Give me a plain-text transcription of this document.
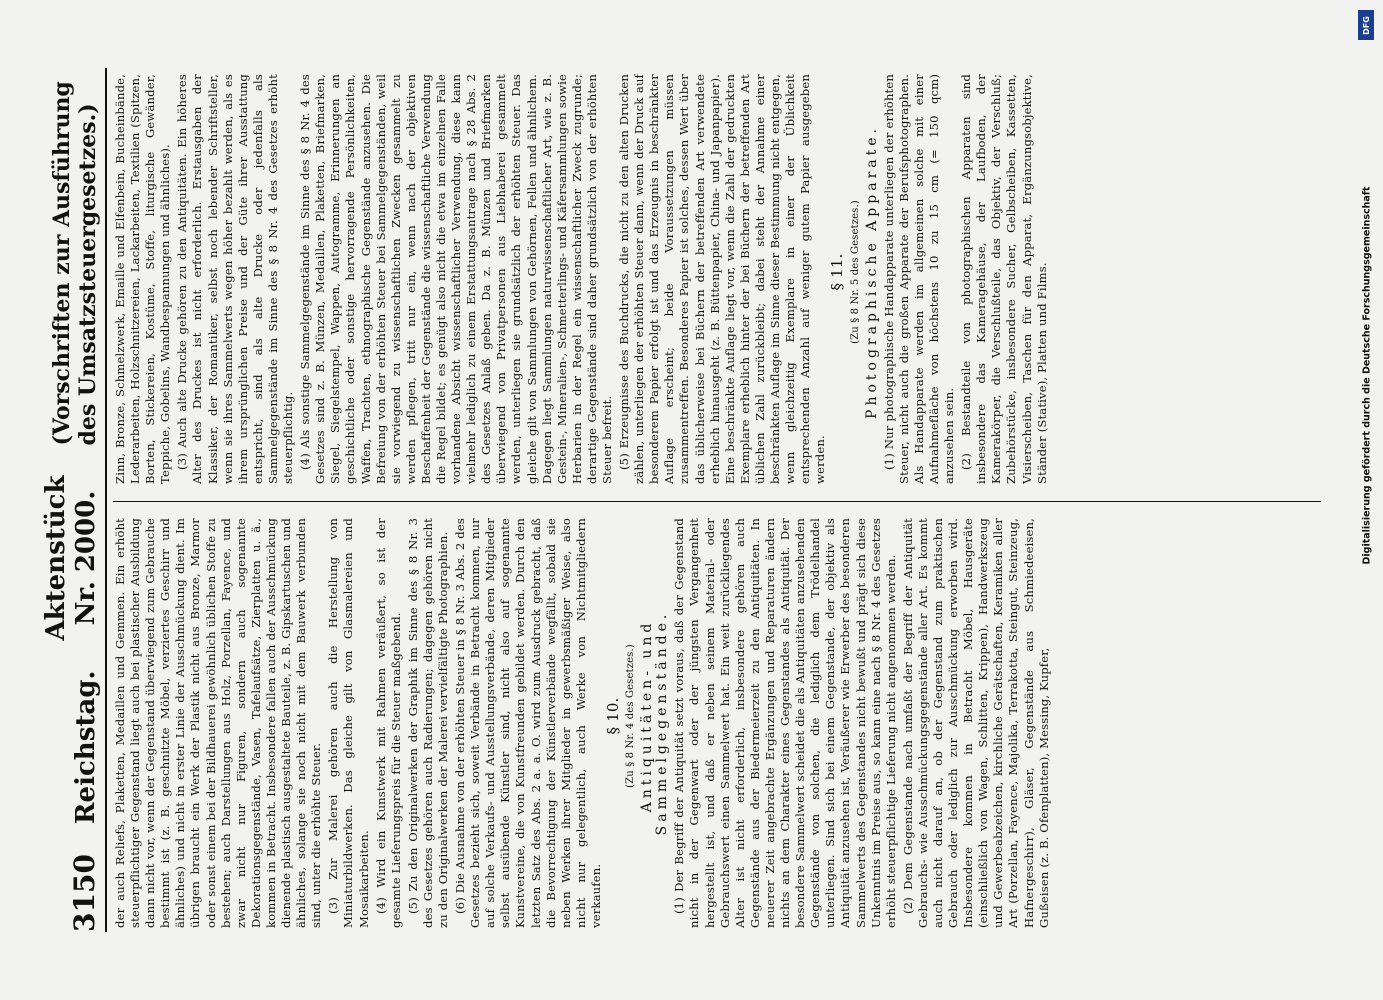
3150
Reichstag.
Aktenstück Nr. 2000.
(Vorschriften zur Ausführung des Umsatzsteuergesetzes.)

der auch Reliefs, Plaketten, Medaillen und Gemmen. Ein erhöht steuerpflichtiger Gegenstand liegt auch bei plastischer Ausbildung dann nicht vor, wenn der Gegenstand überwiegend zum Gebrauche bestimmt ist (z. B. geschnitzte Möbel, verziertes Geschirr und ähnliches) und nicht in erster Linie der Ausschmückung dient. Im übrigen braucht ein Werk der Plastik nicht aus Bronze, Marmor oder sonst einem bei der Bildhauerei gewöhnlich üblichen Stoffe zu bestehen; auch Darstellungen aus Holz, Porzellan, Fayence, und zwar nicht nur Figuren, sondern auch sogenannte Dekorationsgegenstände, Vasen, Tafelaufsätze, Zierplatten u. ä., kommen in Betracht. Insbesondere fallen auch der Ausschmückung dienende plastisch ausgestaltete Bauteile, z. B. Gipskartuschen und ähnliches, solange sie noch nicht mit dem Bauwerk verbunden sind, unter die erhöhte Steuer. (3) Zur Malerei gehören auch die Herstellung von Miniaturbildwerken. Das gleiche gilt von Glasmalereien und Mosaikarbeiten. (4) Wird ein Kunstwerk mit Rahmen veräußert, so ist der gesamte Lieferungspreis für die Steuer maßgebend. (5) Zu den Originalwerken der Graphik im Sinne des § 8 Nr. 3 des Gesetzes gehören auch Radierungen; dagegen gehören nicht zu den Originalwerken der Malerei vervielfältigte Photographien. (6) Die Ausnahme von der erhöhten Steuer in § 8 Nr. 3 Abs. 2 des Gesetzes bezieht sich, soweit Verbände in Betracht kommen, nur auf solche Verkaufs- und Ausstellungsverbände, deren Mitglieder selbst ausübende Künstler sind, nicht also auf sogenannte Kunstvereine, die von Kunstfreunden gebildet werden. Durch den letzten Satz des Abs. 2 a. a. O. wird zum Ausdruck gebracht, daß die Bevorrechtigung der Künstlerverbände wegfällt, sobald sie neben Werken ihrer Mitglieder in gewerbsmäßiger Weise, also nicht nur gelegentlich, auch Werke von Nichtmitgliedern verkaufen.

§ 10. (Zu § 8 Nr. 4 des Gesetzes.) Antiquitäten- und Sammelgegenstände. (1) Der Begriff der Antiquität setzt voraus, daß der Gegenstand nicht in der Gegenwart oder der jüngsten Vergangenheit hergestellt ist, und daß er neben seinem Material- oder Gebrauchswert einen Sammelwert hat. Ein weit zurückliegendes Alter ist nicht erforderlich, insbesondere gehören auch Gegenstände aus der Biedermeierzeit zu den Antiquitäten. In neuerer Zeit angebrachte Ergänzungen und Reparaturen ändern nichts an dem Charakter eines Gegenstandes als Antiquität. Der besondere Sammelwert scheidet die als Antiquitäten anzusehenden Gegenstände von solchen, die lediglich dem Trödelhandel unterliegen. Sind sich bei einem Gegenstande, der objektiv als Antiquität anzusehen ist, Veräußerer wie Erwerber des besonderen Sammelwerts des Gegenstandes nicht bewußt und prägt sich diese Unkenntnis im Preise aus, so kann eine nach § 8 Nr. 4 des Gesetzes erhöht steuerpflichtige Lieferung nicht angenommen werden. (2) Dem Gegenstande nach umfaßt der Begriff der Antiquität Gebrauchs- wie Ausschmückungsgegenstände aller Art. Es kommt auch nicht darauf an, ob der Gegenstand zum praktischen Gebrauch oder lediglich zur Ausschmückung erworben wird. Insbesondere kommen in Betracht Möbel, Hausgeräte (einschließlich von Wagen, Schlitten, Krippen), Handwerkszeug und Gewerbeabzeichen, kirchliche Gerätschaften, Keramiken aller Art (Porzellan, Fayence, Majolika, Terrakotta, Steingut, Steinzeug, Hafnergeschirr), Gläser, Gegenstände aus Schmiedeeisen, Gußeisen (z. B. Ofenplatten), Messing, Kupfer,

Zinn, Bronze, Schmelzwerk, Emaille und Elfenbein, Bucheinbände, Lederarbeiten, Holzschnitzereien, Lackarbeiten, Textilien (Spitzen, Borten, Stickereien, Kostüme, Stoffe, liturgische Gewänder, Teppiche, Gobelins, Wandbespannungen und ähnliches). (3) Auch alte Drucke gehören zu den Antiquitäten. Ein höheres Alter des Druckes ist nicht erforderlich. Erstausgaben der Klassiker, der Romantiker, selbst noch lebender Schriftsteller, wenn sie ihres Sammelwerts wegen höher bezahlt werden, als es ihrem ursprünglichen Preise und der Güte ihrer Ausstattung entspricht, sind als alte Drucke oder jedenfalls als Sammelgegenstände im Sinne des § 8 Nr. 4 des Gesetzes erhöht steuerpflichtig. (4) Als sonstige Sammelgegenstände im Sinne des § 8 Nr. 4 des Gesetzes sind z. B. Münzen, Medaillen, Plaketten, Briefmarken, Siegel, Siegelstempel, Wappen, Autogramme, Erinnerungen an geschichtliche oder sonstige hervorragende Persönlichkeiten, Waffen, Trachten, ethnographische Gegenstände anzusehen. Die Befreiung von der erhöhten Steuer bei Sammelgegenständen, weil sie vorwiegend zu wissenschaftlichen Zwecken gesammelt zu werden pflegen, tritt nur ein, wenn nach der objektiven Beschaffenheit der Gegenstände die wissenschaftliche Verwendung die Regel bildet; es genügt also nicht die etwa im einzelnen Falle vorhandene Absicht wissenschaftlicher Verwendung, diese kann vielmehr lediglich zu einem Erstattungsantrage nach § 28 Abs. 2 des Gesetzes Anlaß geben. Da z. B. Münzen und Briefmarken überwiegend von Privatpersonen aus Liebhaberei gesammelt werden, unterliegen sie grundsätzlich der erhöhten Steuer. Das gleiche gilt von Sammlungen von Gehörnen, Fellen und ähnlichem. Dagegen liegt Sammlungen naturwissenschaftlicher Art, wie z. B. Gestein-, Mineralien-, Schmetterlings- und Käfersammlungen sowie Herbarien in der Regel ein wissenschaftlicher Zweck zugrunde; derartige Gegenstände sind daher grundsätzlich von der erhöhten Steuer befreit. (5) Erzeugnisse des Buchdrucks, die nicht zu den alten Drucken zählen, unterliegen der erhöhten Steuer dann, wenn der Druck auf besonderem Papier erfolgt ist und das Erzeugnis in beschränkter Auflage erscheint; beide Voraussetzungen müssen zusammentreffen. Besonderes Papier ist solches, dessen Wert über das üblicherweise bei Büchern der betreffenden Art verwendete erheblich hinausgeht (z. B. Büttenpapier, China- und Japanpapier). Eine beschränkte Auflage liegt vor, wenn die Zahl der gedruckten Exemplare erheblich hinter der bei Büchern der betreffenden Art üblichen Zahl zurückbleibt; dabei steht der Annahme einer beschränkten Auflage im Sinne dieser Bestimmung nicht entgegen, wenn gleichzeitig Exemplare in einer der Üblichkeit entsprechenden Anzahl auf weniger gutem Papier ausgegeben werden.

§ 11. (Zu § 8 Nr. 5 des Gesetzes.) Photographische Apparate. (1) Nur photographische Handapparate unterliegen der erhöhten Steuer, nicht auch die großen Apparate der Berufsphotographen. Als Handapparate werden im allgemeinen solche mit einer Aufnahmefläche von höchstens 10 zu 15 cm (= 150 qcm) anzusehen sein. (2) Bestandteile von photographischen Apparaten sind insbesondere das Kameragehäuse, der Laufboden, der Kamerakörper, die Verschlußteile, das Objektiv, der Verschluß; Zubehörstücke, insbesondere Sucher, Gelbscheiben, Kassetten, Visierscheiben, Taschen für den Apparat, Ergänzungsobjektive, Ständer (Stative), Platten und Films.

DFG
Digitalisierung gefördert durch die Deutsche Forschungsgemeinschaft
